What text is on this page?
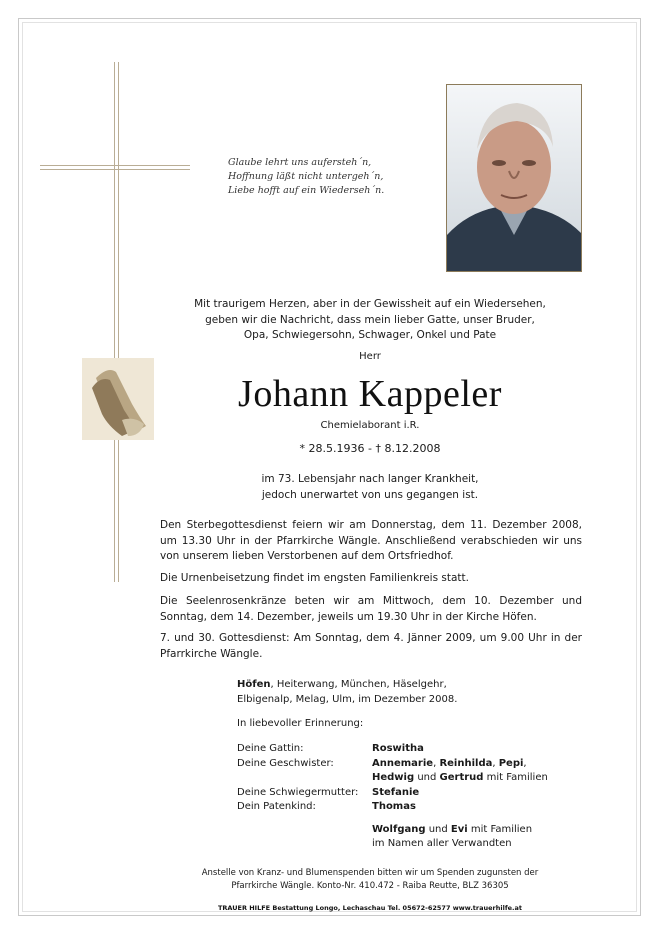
Glaube lehrt uns aufersteh´n,
Hoffnung läßt nicht untergeh´n,
Liebe hofft auf ein Wiederseh´n.
Mit traurigem Herzen, aber in der Gewissheit auf ein Wiedersehen,
geben wir die Nachricht, dass mein lieber Gatte, unser Bruder,
Opa, Schwiegersohn, Schwager, Onkel und Pate
Herr
Johann Kappeler
Chemielaborant i.R.
* 28.5.1936 - † 8.12.2008
im 73. Lebensjahr nach langer Krankheit,
jedoch unerwartet von uns gegangen ist.
Den Sterbegottesdienst feiern wir am Donnerstag, dem 11. Dezember 2008, um 13.30 Uhr in der Pfarrkirche Wängle. Anschließend verabschieden wir uns von unserem lieben Verstorbenen auf dem Ortsfriedhof.
Die Urnenbeisetzung findet im engsten Familienkreis statt.
Die Seelenrosenkränze beten wir am Mittwoch, dem 10. Dezember und Sonntag, dem 14. Dezember, jeweils um 19.30 Uhr in der Kirche Höfen.
7. und 30. Gottesdienst: Am Sonntag, dem 4. Jänner 2009, um 9.00 Uhr in der Pfarrkirche Wängle.
Höfen, Heiterwang, München, Häselgehr,
Elbigenalp, Melag, Ulm, im Dezember 2008.
In liebevoller Erinnerung:
Deine Gattin:
Deine Geschwister:

Deine Schwiegermutter:
Dein Patenkind:
Roswitha
Annemarie, Reinhilda, Pepi,
Hedwig und Gertrud mit Familien
Stefanie
Thomas
Wolfgang und Evi mit Familien
im Namen aller Verwandten
Anstelle von Kranz- und Blumenspenden bitten wir um Spenden zugunsten der
Pfarrkirche Wängle. Konto-Nr. 410.472 - Raiba Reutte, BLZ 36305
TRAUER HILFE Bestattung Longo, Lechaschau Tel. 05672-62577 www.trauerhilfe.at
